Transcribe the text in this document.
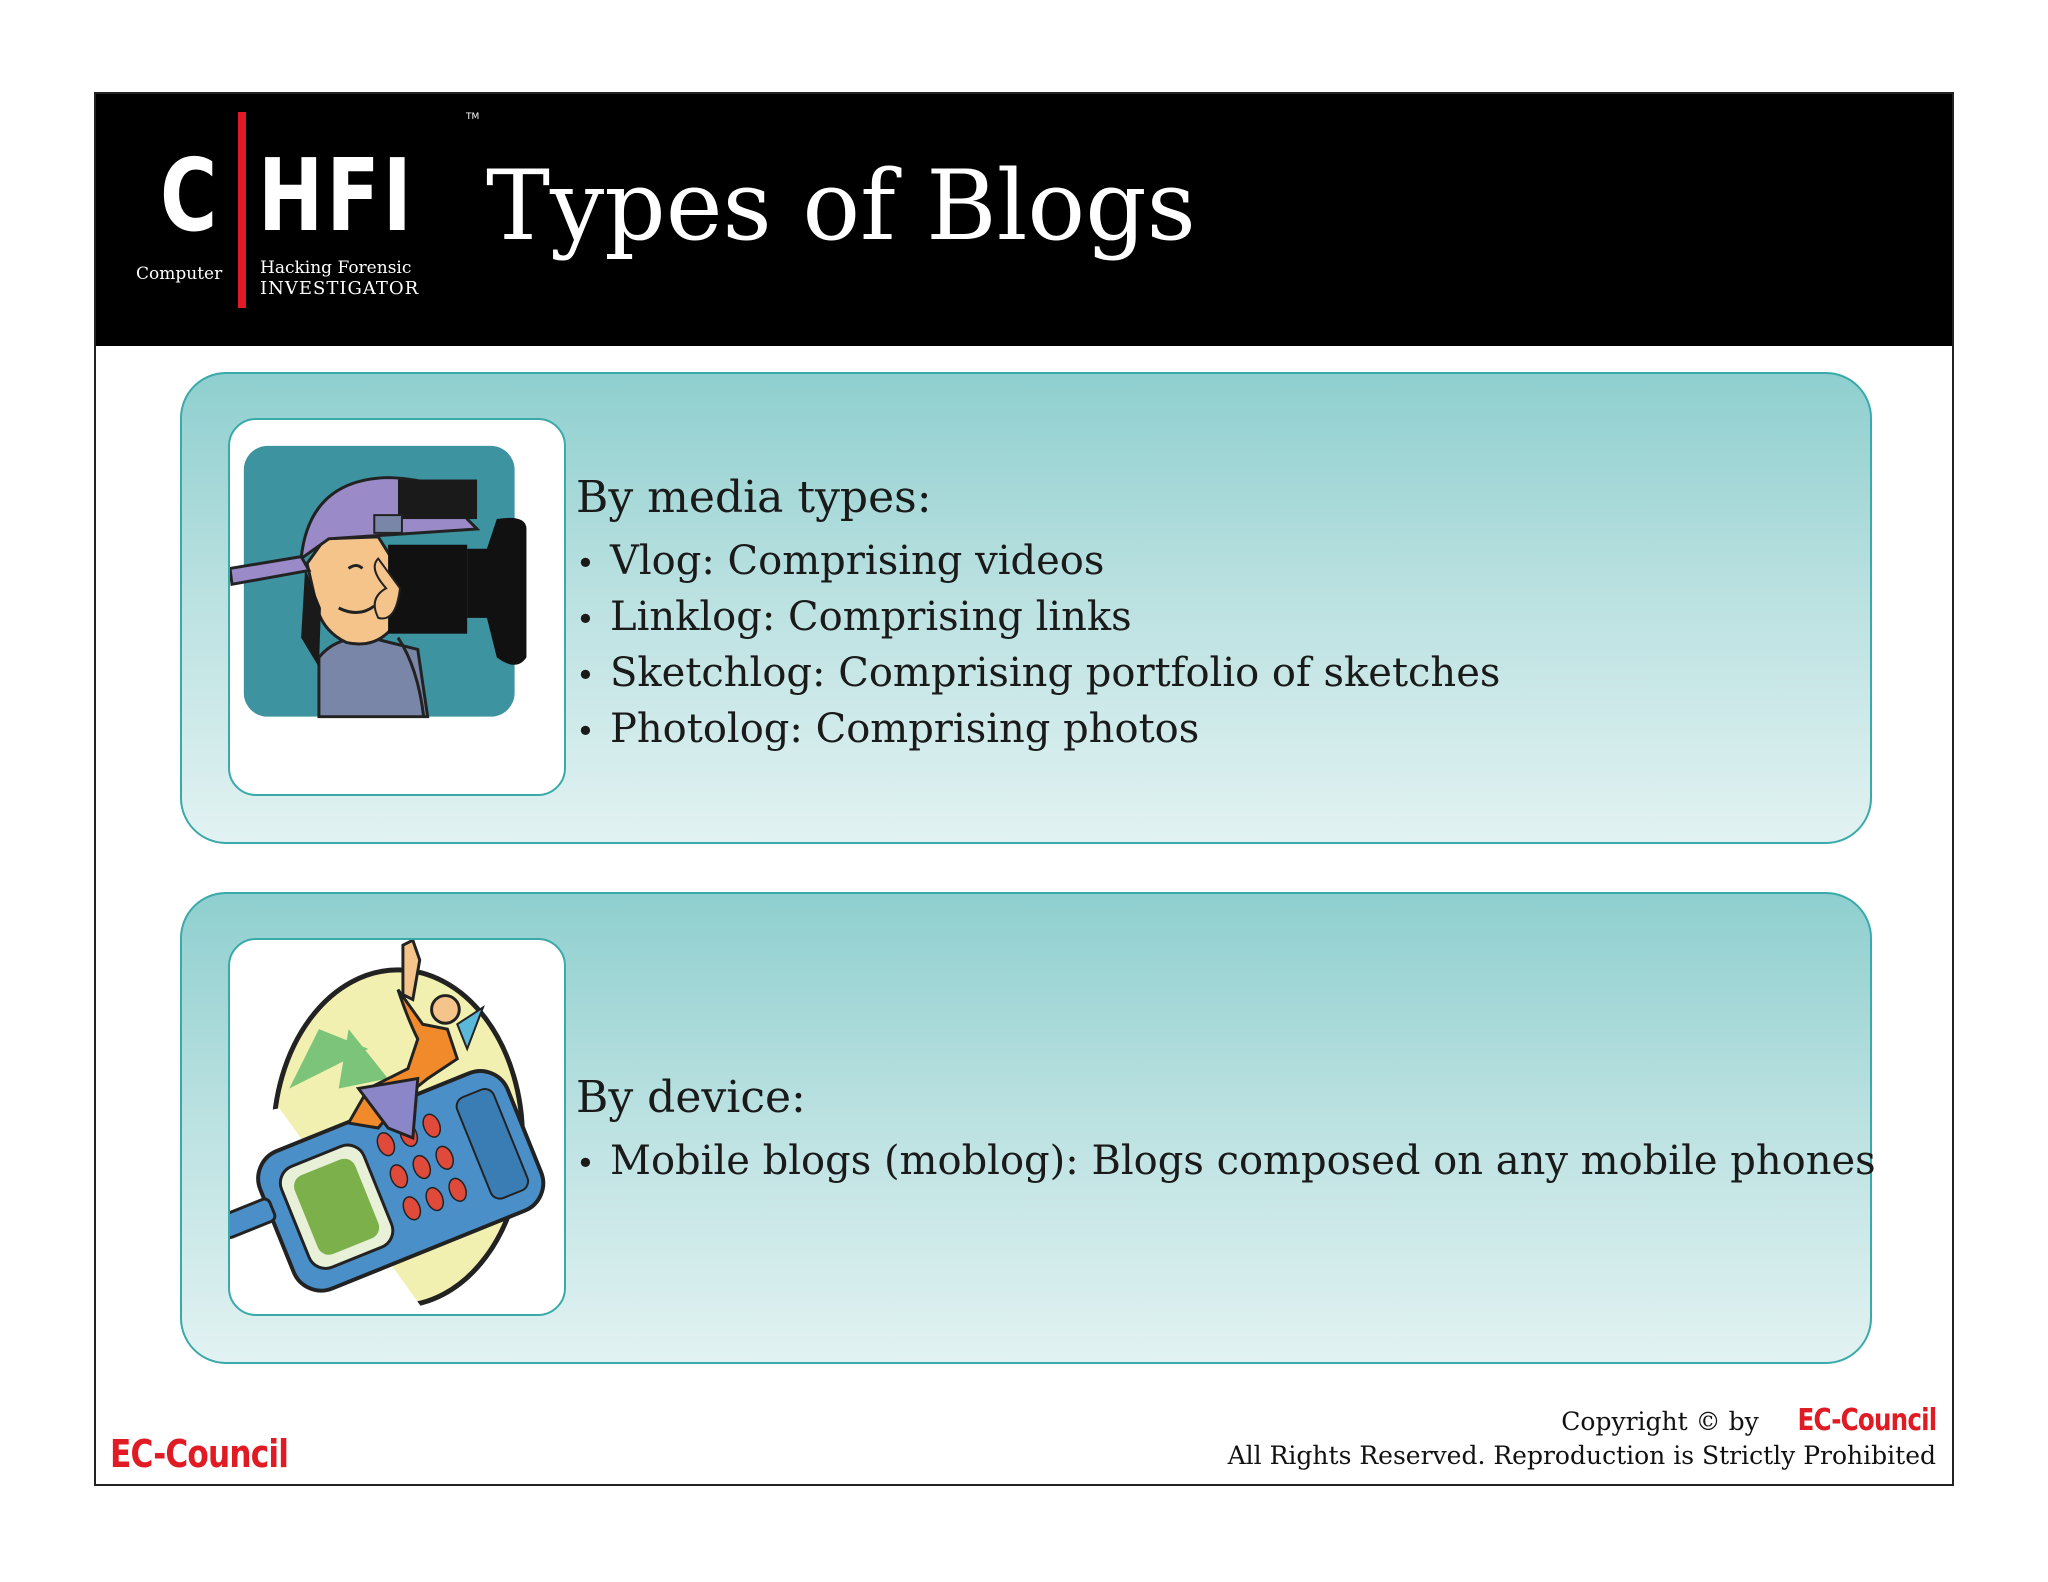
TM
C HFI
Computer Hacking Forensic
INVESTIGATOR
Types of Blogs
By media types:
• Vlog: Comprising videos
• Linklog: Comprising links
• Sketchlog: Comprising portfolio of sketches
• Photolog: Comprising photos
By device:
• Mobile blogs (moblog): Blogs composed on any mobile phones
EC-Council
Copyright © by EC-Council
All Rights Reserved. Reproduction is Strictly Prohibited
